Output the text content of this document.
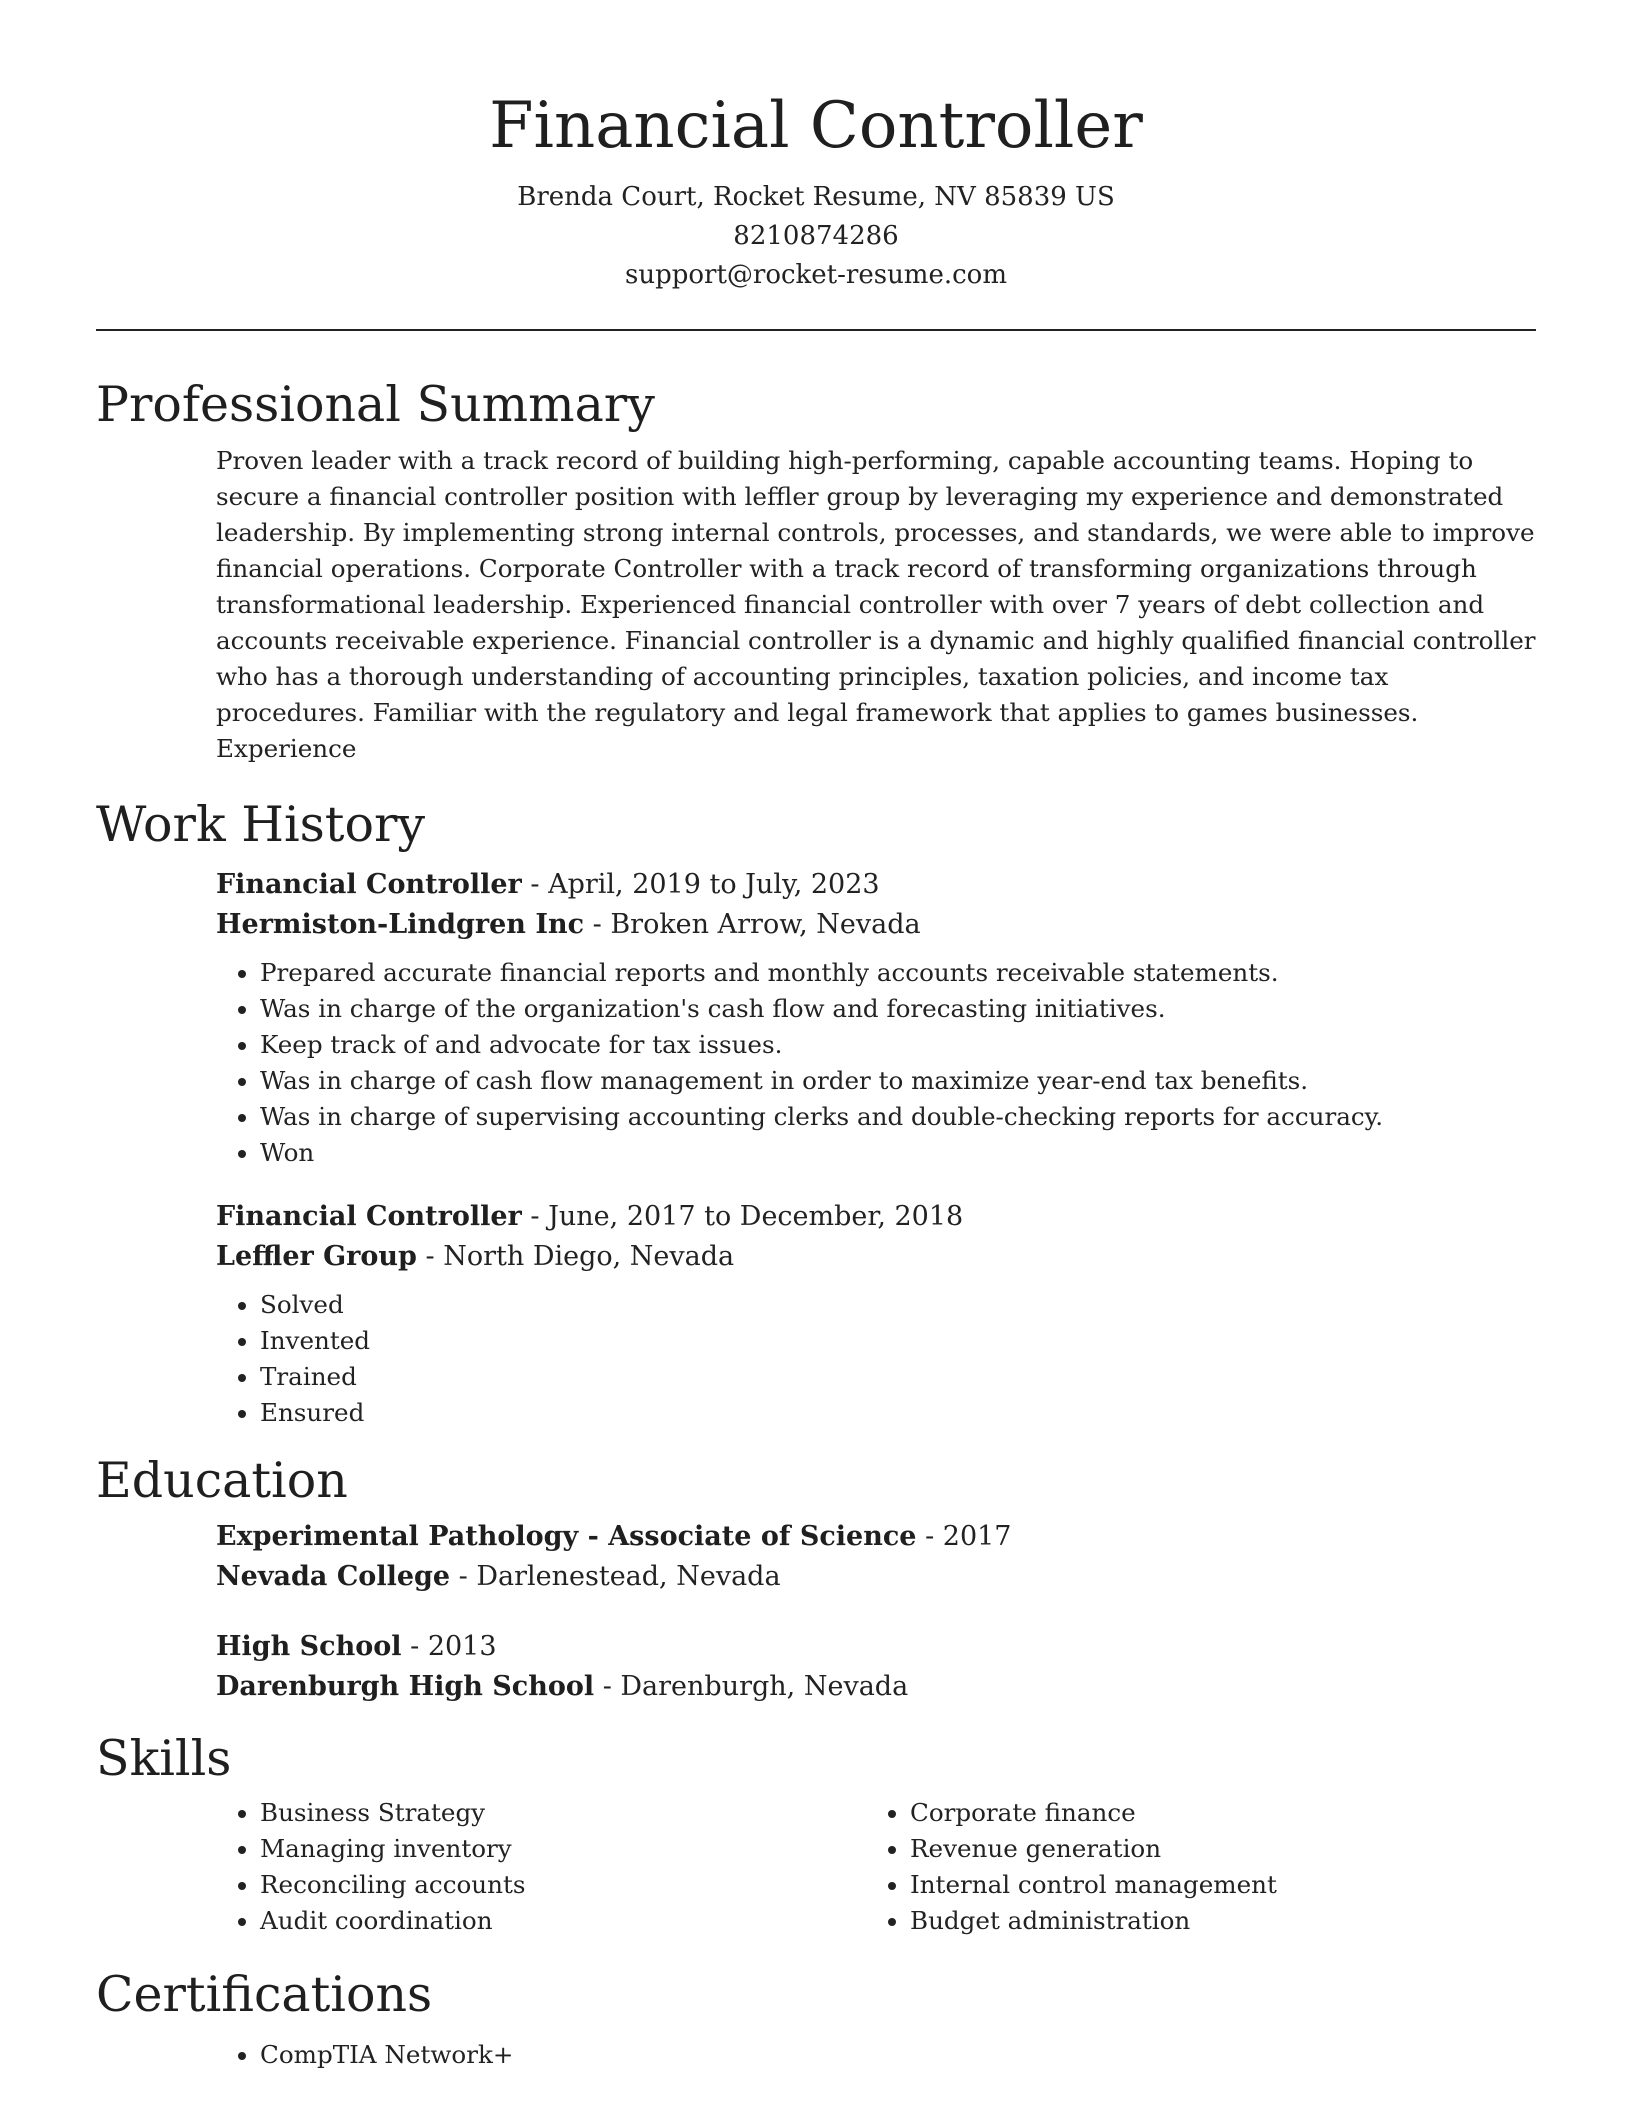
Financial Controller
Brenda Court, Rocket Resume, NV 85839 US
8210874286
support@rocket-resume.com
Professional Summary

Proven leader with a track record of building high-performing, capable accounting teams. Hoping to secure a financial controller position with leffler group by leveraging my experience and demonstrated leadership. By implementing strong internal controls, processes, and standards, we were able to improve financial operations. Corporate Controller with a track record of transforming organizations through transformational leadership. Experienced financial controller with over 7 years of debt collection and accounts receivable experience. Financial controller is a dynamic and highly qualified financial controller who has a thorough understanding of accounting principles, taxation policies, and income tax procedures. Familiar with the regulatory and legal framework that applies to games businesses. Experience

Work History
Financial Controller - April, 2019 to July, 2023
Hermiston-Lindgren Inc - Broken Arrow, Nevada
• Prepared accurate financial reports and monthly accounts receivable statements.
• Was in charge of the organization's cash flow and forecasting initiatives.
• Keep track of and advocate for tax issues.
• Was in charge of cash flow management in order to maximize year-end tax benefits.
• Was in charge of supervising accounting clerks and double-checking reports for accuracy.
• Won
Financial Controller - June, 2017 to December, 2018
Leffler Group - North Diego, Nevada
• Solved
• Invented
• Trained
• Ensured
Education
Experimental Pathology - Associate of Science - 2017
Nevada College - Darlenestead, Nevada
High School - 2013
Darenburgh High School - Darenburgh, Nevada
Skills
• Business Strategy
• Managing inventory
• Reconciling accounts
• Audit coordination
• Corporate finance
• Revenue generation
• Internal control management
• Budget administration
Certifications
• CompTIA Network+
